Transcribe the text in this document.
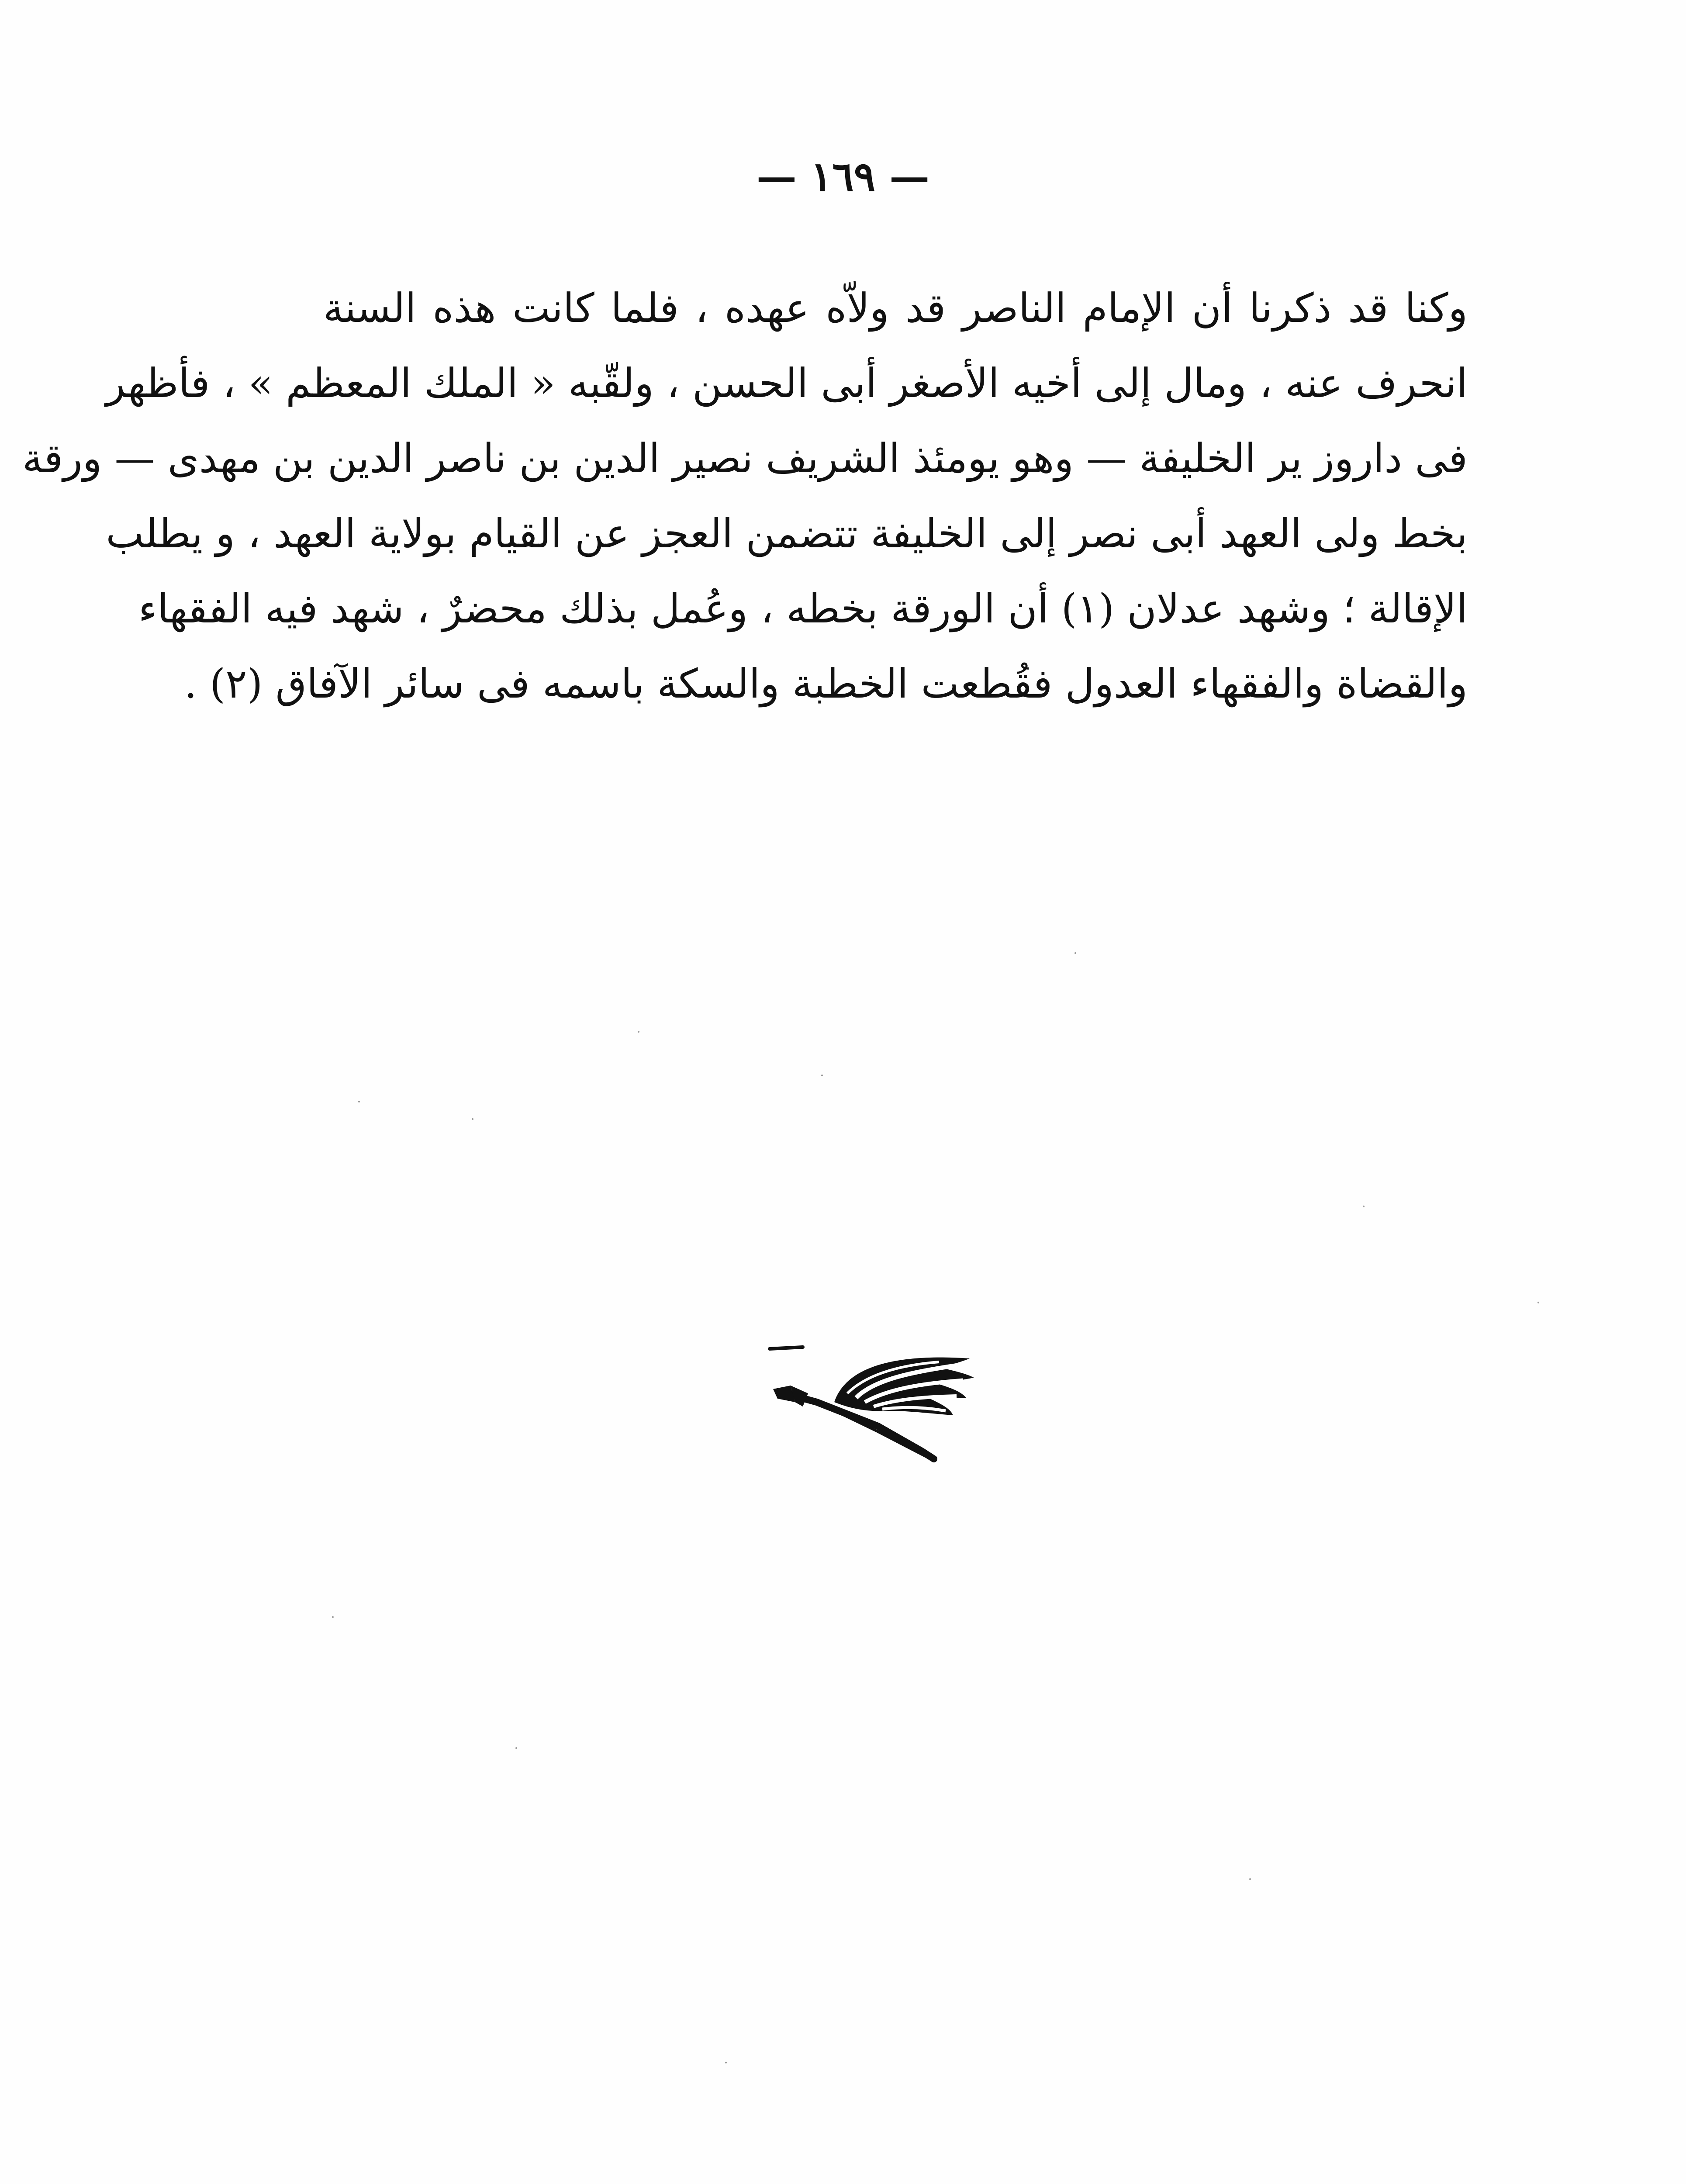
— ١٦٩ —
وكنا قد ذكرنا أن الإمام الناصر قد ولاّه عهده ، فلما كانت هذه السنة
انحرف عنه ، ومال إلى أخيه الأصغر أبى الحسن ، ولقّبه « الملك المعظم » ، فأظهر
فى داروز ير الخليفة — وهو يومئذ الشريف نصير الدين بن ناصر الدين بن مهدى — ورقة
بخط ولى العهد أبى نصر إلى الخليفة تتضمن العجز عن القيام بولاية العهد ، و يطلب
الإقالة ؛ وشهد عدلان (١) أن الورقة بخطه ، وعُمل بذلك محضرٌ ، شهد فيه الفقهاء
والقضاة والفقهاء العدول فقُطعت الخطبة والسكة باسمه فى سائر الآفاق (٢) .
